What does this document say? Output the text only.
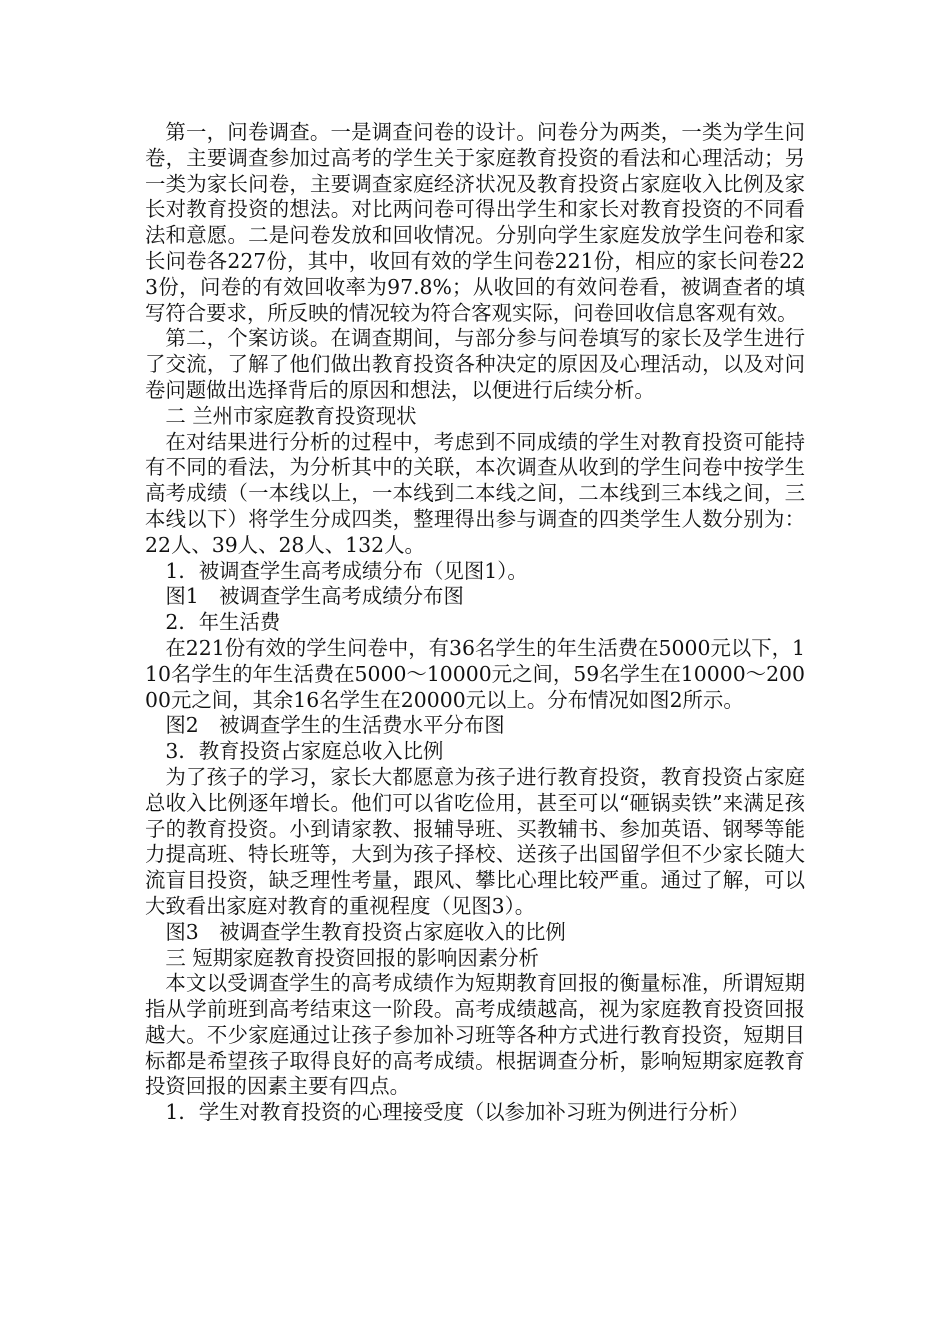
第一，问卷调查。一是调查问卷的设计。问卷分为两类，一类为学生问卷，主要调查参加过高考的学生关于家庭教育投资的看法和心理活动；另一类为家长问卷，主要调查家庭经济状况及教育投资占家庭收入比例及家长对教育投资的想法。对比两问卷可得出学生和家长对教育投资的不同看法和意愿。二是问卷发放和回收情况。分别向学生家庭发放学生问卷和家长问卷各227份，其中，收回有效的学生问卷221份，相应的家长问卷223份，问卷的有效回收率为97.8%；从收回的有效问卷看，被调查者的填写符合要求，所反映的情况较为符合客观实际，问卷回收信息客观有效。

第二，个案访谈。在调查期间，与部分参与问卷填写的家长及学生进行了交流，了解了他们做出教育投资各种决定的原因及心理活动，以及对问卷问题做出选择背后的原因和想法，以便进行后续分析。

二 兰州市家庭教育投资现状

在对结果进行分析的过程中，考虑到不同成绩的学生对教育投资可能持有不同的看法，为分析其中的关联，本次调查从收到的学生问卷中按学生高考成绩（一本线以上，一本线到二本线之间，二本线到三本线之间，三本线以下）将学生分成四类，整理得出参与调查的四类学生人数分别为：22人、39人、28人、132人。

1．被调查学生高考成绩分布（见图1）。

图1　被调查学生高考成绩分布图

2．年生活费

在221份有效的学生问卷中，有36名学生的年生活费在5000元以下，110名学生的年生活费在5000～10000元之间，59名学生在10000～20000元之间，其余16名学生在20000元以上。分布情况如图2所示。

图2　被调查学生的生活费水平分布图

3．教育投资占家庭总收入比例

为了孩子的学习，家长大都愿意为孩子进行教育投资，教育投资占家庭总收入比例逐年增长。他们可以省吃俭用，甚至可以“砸锅卖铁”来满足孩子的教育投资。小到请家教、报辅导班、买教辅书、参加英语、钢琴等能力提高班、特长班等，大到为孩子择校、送孩子出国留学但不少家长随大流盲目投资，缺乏理性考量，跟风、攀比心理比较严重。通过了解，可以大致看出家庭对教育的重视程度（见图3）。

图3　被调查学生教育投资占家庭收入的比例

三 短期家庭教育投资回报的影响因素分析

本文以受调查学生的高考成绩作为短期教育回报的衡量标准，所谓短期指从学前班到高考结束这一阶段。高考成绩越高，视为家庭教育投资回报越大。不少家庭通过让孩子参加补习班等各种方式进行教育投资，短期目标都是希望孩子取得良好的高考成绩。根据调查分析，影响短期家庭教育投资回报的因素主要有四点。

1．学生对教育投资的心理接受度（以参加补习班为例进行分析）
